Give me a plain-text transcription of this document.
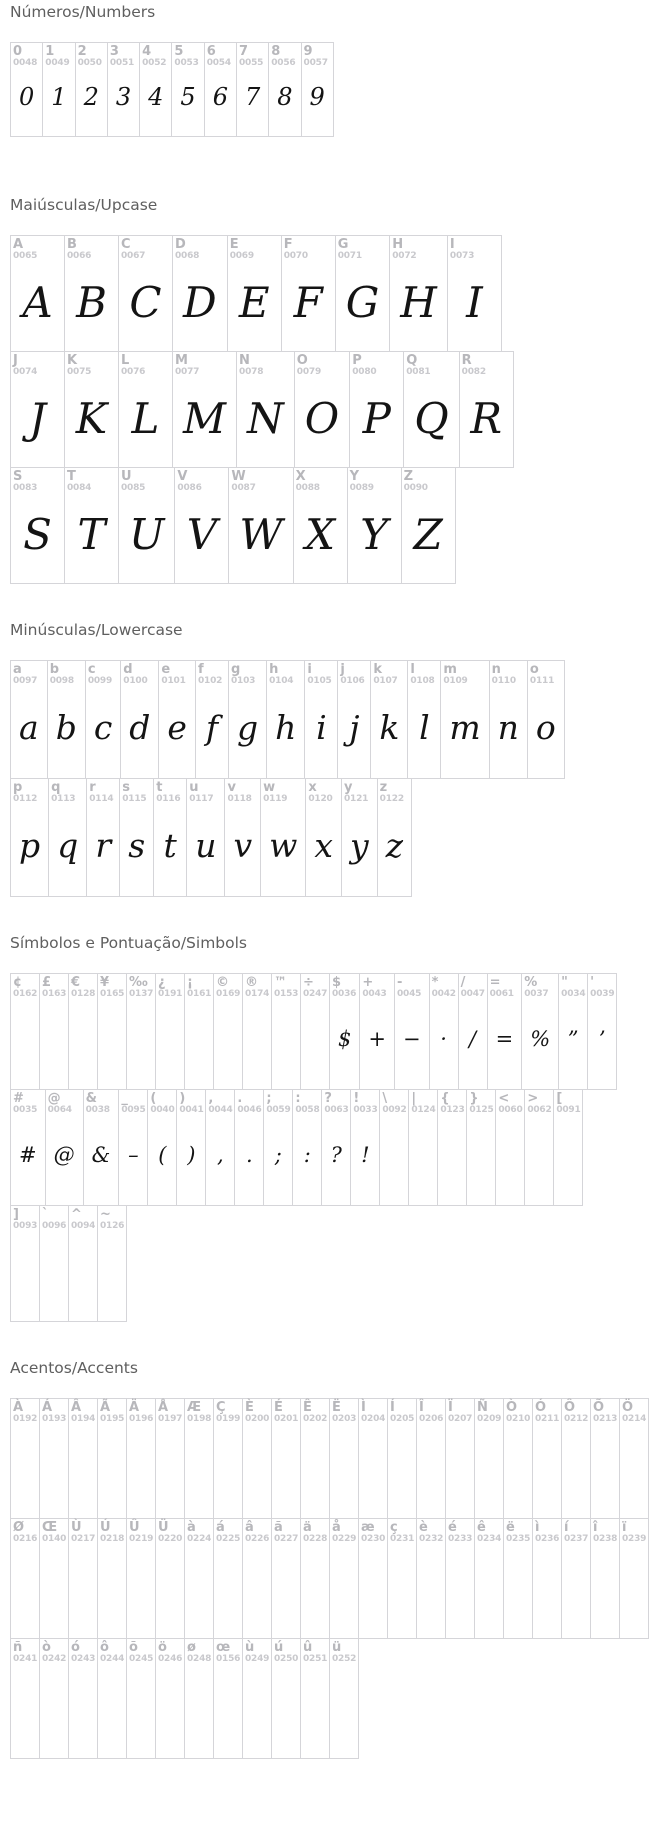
Números/Numbers
0
0048
0
1
0049
1
2
0050
2
3
0051
3
4
0052
4
5
0053
5
6
0054
6
7
0055
7
8
0056
8
9
0057
9
Maiúsculas/Upcase
A
0065
A
B
0066
B
C
0067
C
D
0068
D
E
0069
E
F
0070
F
G
0071
G
H
0072
H
I
0073
I
J
0074
J
K
0075
K
L
0076
L
M
0077
M
N
0078
N
O
0079
O
P
0080
P
Q
0081
Q
R
0082
R
S
0083
S
T
0084
T
U
0085
U
V
0086
V
W
0087
W
X
0088
X
Y
0089
Y
Z
0090
Z
Minúsculas/Lowercase
a
0097
a
b
0098
b
c
0099
c
d
0100
d
e
0101
e
f
0102
f
g
0103
g
h
0104
h
i
0105
i
j
0106
j
k
0107
k
l
0108
l
m
0109
m
n
0110
n
o
0111
o
p
0112
p
q
0113
q
r
0114
r
s
0115
s
t
0116
t
u
0117
u
v
0118
v
w
0119
w
x
0120
x
y
0121
y
z
0122
z
Símbolos e Pontuação/Simbols
¢
0162
£
0163
€
0128
¥
0165
‰
0137
¿
0191
¡
0161
©
0169
®
0174
™
0153
÷
0247
$
0036
$
+
0043
+
-
0045
−
*
0042
·
/
0047
/
=
0061
=
%
0037
%
"
0034
”
'
0039
’
#
0035
#
@
0064
@
&
0038
&
_
0095
–
(
0040
(
)
0041
)
,
0044
,
.
0046
.
;
0059
;
:
0058
:
?
0063
?
!
0033
!
\
0092
|
0124
{
0123
}
0125
<
0060
>
0062
[
0091
]
0093
`
0096
^
0094
~
0126
Acentos/Accents
À
0192
Á
0193
Â
0194
Ã
0195
Ä
0196
Å
0197
Æ
0198
Ç
0199
È
0200
É
0201
Ê
0202
Ë
0203
Ì
0204
Í
0205
Î
0206
Ï
0207
Ñ
0209
Ò
0210
Ó
0211
Ô
0212
Õ
0213
Ö
0214
Ø
0216
Œ
0140
Ù
0217
Ú
0218
Û
0219
Ü
0220
à
0224
á
0225
â
0226
ã
0227
ä
0228
å
0229
æ
0230
ç
0231
è
0232
é
0233
ê
0234
ë
0235
ì
0236
í
0237
î
0238
ï
0239
ñ
0241
ò
0242
ó
0243
ô
0244
õ
0245
ö
0246
ø
0248
œ
0156
ù
0249
ú
0250
û
0251
ü
0252
